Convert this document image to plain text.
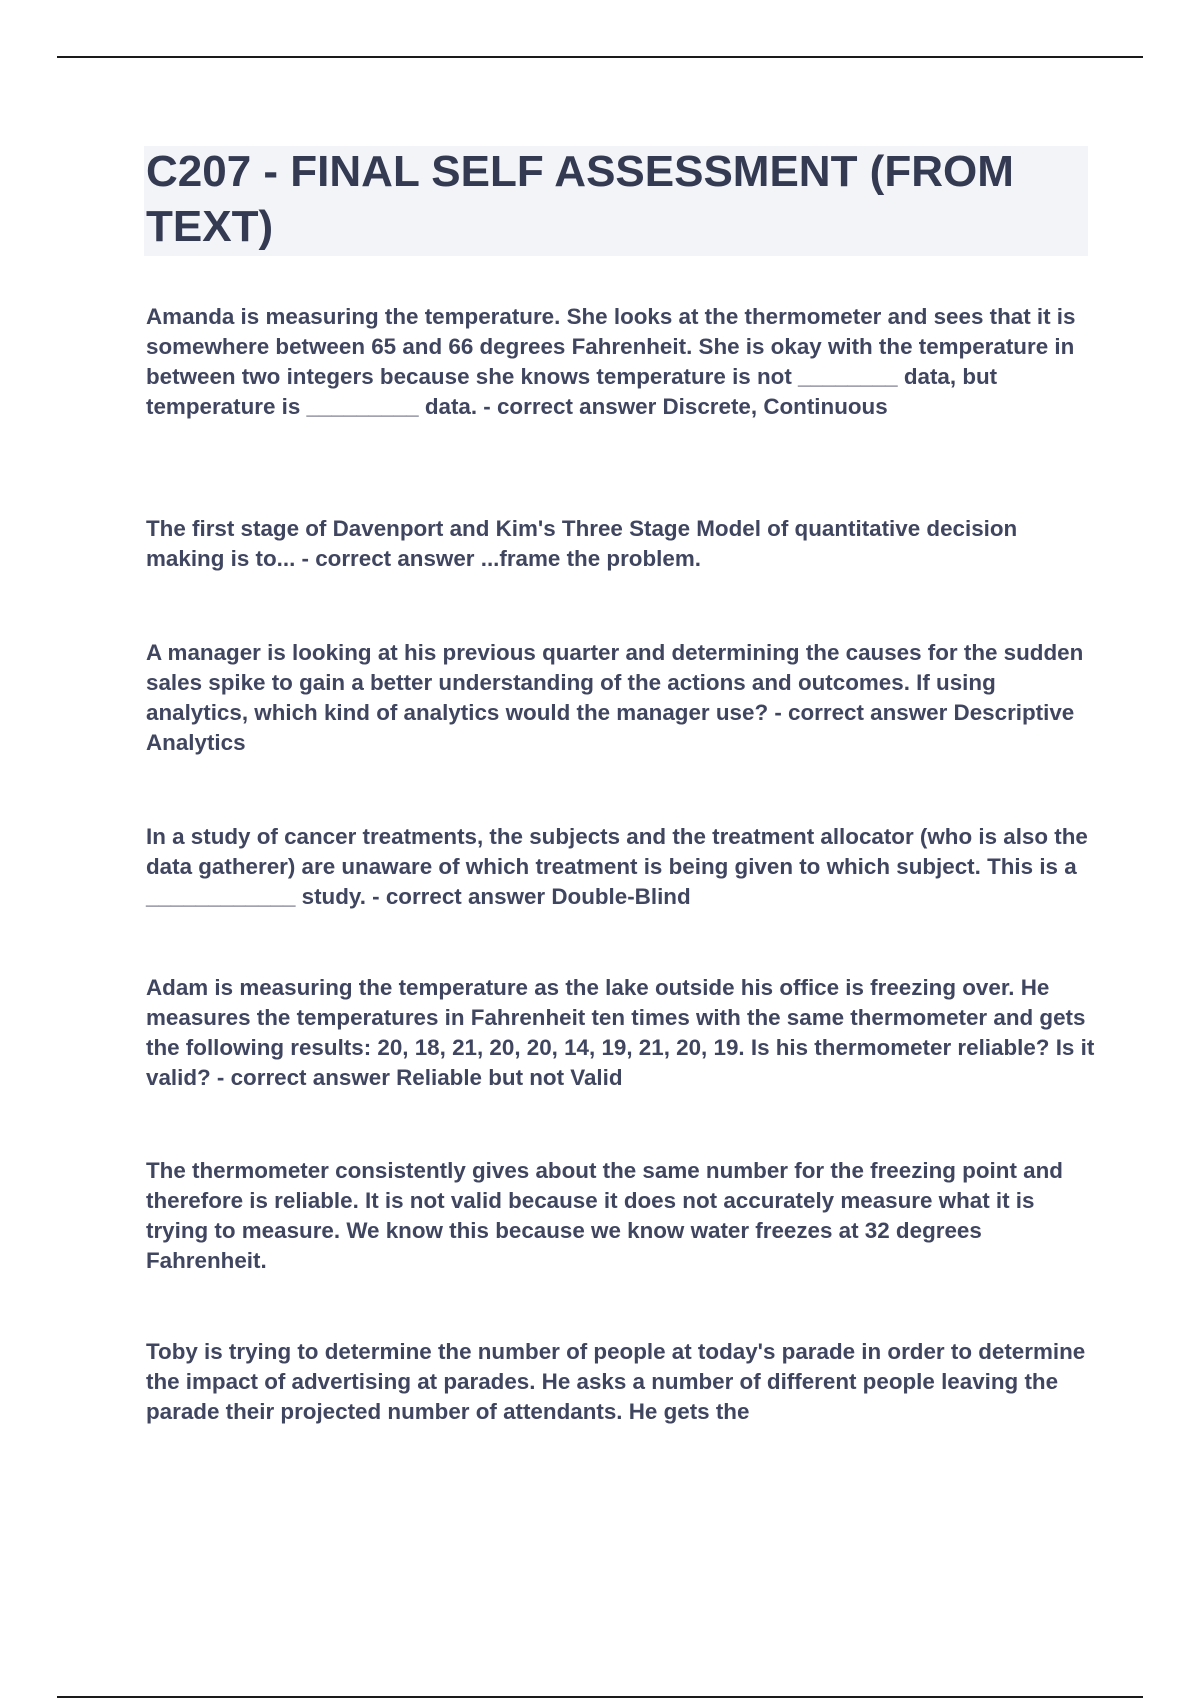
C207 - FINAL SELF ASSESSMENT (FROM TEXT)

Amanda is measuring the temperature. She looks at the thermometer and sees that it is somewhere between 65 and 66 degrees Fahrenheit. She is okay with the temperature in between two integers because she knows temperature is not ________ data, but temperature is _________ data. - correct answer Discrete, Continuous

The first stage of Davenport and Kim's Three Stage Model of quantitative decision making is to... - correct answer ...frame the problem.

A manager is looking at his previous quarter and determining the causes for the sudden sales spike to gain a better understanding of the actions and outcomes. If using analytics, which kind of analytics would the manager use? - correct answer Descriptive Analytics

In a study of cancer treatments, the subjects and the treatment allocator (who is also the data gatherer) are unaware of which treatment is being given to which subject. This is a ____________ study. - correct answer Double-Blind

Adam is measuring the temperature as the lake outside his office is freezing over. He measures the temperatures in Fahrenheit ten times with the same thermometer and gets the following results: 20, 18, 21, 20, 20, 14, 19, 21, 20, 19. Is his thermometer reliable? Is it valid? - correct answer Reliable but not Valid

The thermometer consistently gives about the same number for the freezing point and therefore is reliable. It is not valid because it does not accurately measure what it is trying to measure. We know this because we know water freezes at 32 degrees Fahrenheit.

Toby is trying to determine the number of people at today's parade in order to determine the impact of advertising at parades. He asks a number of different people leaving the parade their projected number of attendants. He gets the
